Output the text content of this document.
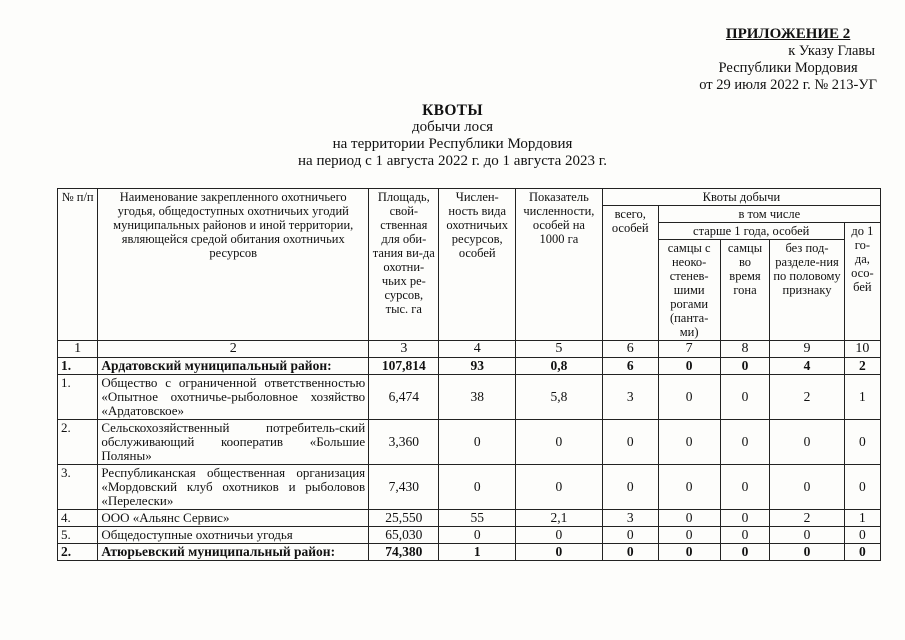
ПРИЛОЖЕНИЕ 2
к Указу Главы
Республики Мордовия
от 29 июля 2022 г. № 213-УГ
КВОТЫ
добычи лося
на территории Республики Мордовия
на период с 1 августа 2022 г. до 1 августа 2023 г.
№ п/п	Наименование закрепленного охотничьего угодья, общедоступных охотничьих угодий муниципальных районов и иной территории, являющейся средой обитания охотничьих ресурсов	Площадь, свой-ственная для оби-тания ви-да охотни-чьих ре-сурсов, тыс. га	Числен-ность вида охотничьих ресурсов, особей	Показатель численности, особей на 1000 га	Квоты добычи				
					всего, особей	в том числе			
						старше 1 года, особей			до 1 го-да, осо-бей
						самцы с неоко-стенев-шими рогами (панта-ми)	самцы во время гона	без под-разделе-ния по половому признаку	
1	2	3	4	5	6	7	8	9	10
1.	Ардатовский муниципальный район:	107,814	93	0,8	6	0	0	4	2
1.	Общество с ограниченной ответственностью «Опытное охотничье-рыболовное хозяйство «Ардатовское»	6,474	38	5,8	3	0	0	2	1
2.	Сельскохозяйственный потребитель-ский обслуживающий кооператив «Большие Поляны»	3,360	0	0	0	0	0	0	0
3.	Республиканская общественная организация «Мордовский клуб охотников и рыболовов «Перелески»	7,430	0	0	0	0	0	0	0
4.	ООО «Альянс Сервис»	25,550	55	2,1	3	0	0	2	1
5.	Общедоступные охотничьи угодья	65,030	0	0	0	0	0	0	0
2.	Атюрьевский муниципальный район:	74,380	1	0	0	0	0	0	0
